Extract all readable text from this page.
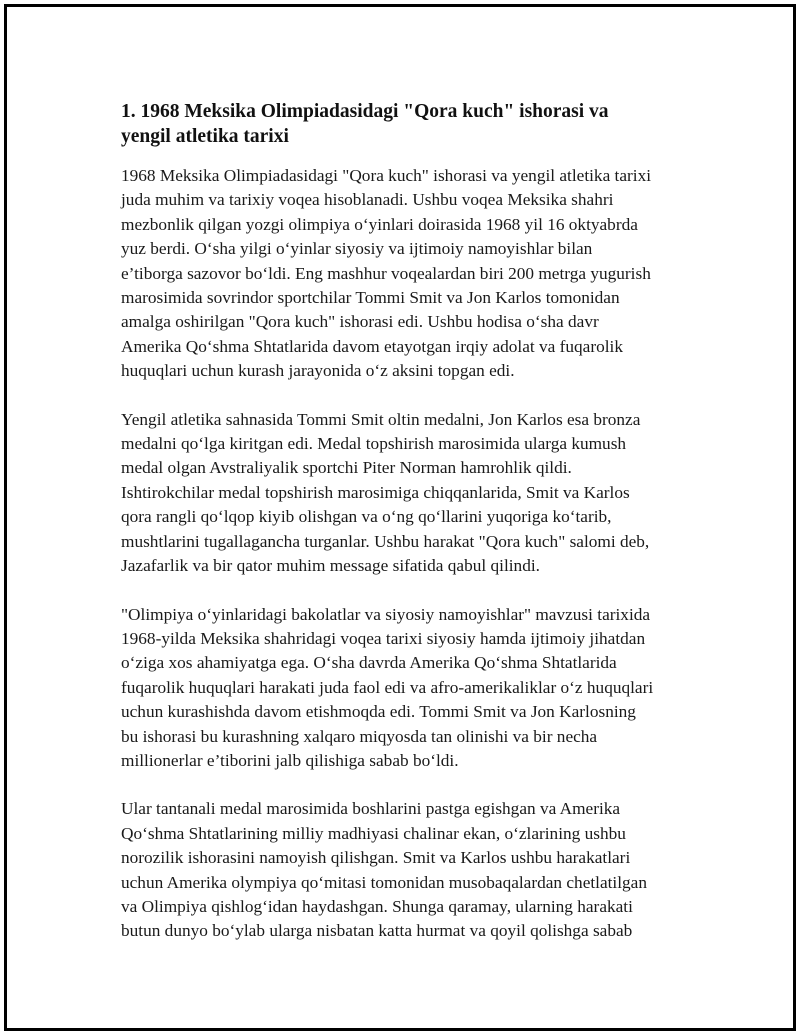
1. 1968 Meksika Olimpiadasidagi "Qora kuch" ishorasi va
yengil atletika tarixi

1968 Meksika Olimpiadasidagi "Qora kuch" ishorasi va yengil atletika tarixi
juda muhim va tarixiy voqea hisoblanadi. Ushbu voqea Meksika shahri
mezbonlik qilgan yozgi olimpiya o‘yinlari doirasida 1968 yil 16 oktyabrda
yuz berdi. O‘sha yilgi o‘yinlar siyosiy va ijtimoiy namoyishlar bilan
e’tiborga sazovor bo‘ldi. Eng mashhur voqealardan biri 200 metrga yugurish
marosimida sovrindor sportchilar Tommi Smit va Jon Karlos tomonidan
amalga oshirilgan "Qora kuch" ishorasi edi. Ushbu hodisa o‘sha davr
Amerika Qo‘shma Shtatlarida davom etayotgan irqiy adolat va fuqarolik
huquqlari uchun kurash jarayonida o‘z aksini topgan edi.

Yengil atletika sahnasida Tommi Smit oltin medalni, Jon Karlos esa bronza
medalni qo‘lga kiritgan edi. Medal topshirish marosimida ularga kumush
medal olgan Avstraliyalik sportchi Piter Norman hamrohlik qildi.
Ishtirokchilar medal topshirish marosimiga chiqqanlarida, Smit va Karlos
qora rangli qo‘lqop kiyib olishgan va o‘ng qo‘llarini yuqoriga ko‘tarib,
mushtlarini tugallagancha turganlar. Ushbu harakat "Qora kuch" salomi deb,
Jazafarlik va bir qator muhim message sifatida qabul qilindi.

"Olimpiya o‘yinlaridagi bakolatlar va siyosiy namoyishlar" mavzusi tarixida
1968-yilda Meksika shahridagi voqea tarixi siyosiy hamda ijtimoiy jihatdan
o‘ziga xos ahamiyatga ega. O‘sha davrda Amerika Qo‘shma Shtatlarida
fuqarolik huquqlari harakati juda faol edi va afro-amerikaliklar o‘z huquqlari
uchun kurashishda davom etishmoqda edi. Tommi Smit va Jon Karlosning
bu ishorasi bu kurashning xalqaro miqyosda tan olinishi va bir necha
millionerlar e’tiborini jalb qilishiga sabab bo‘ldi.

Ular tantanali medal marosimida boshlarini pastga egishgan va Amerika
Qo‘shma Shtatlarining milliy madhiyasi chalinar ekan, o‘zlarining ushbu
norozilik ishorasini namoyish qilishgan. Smit va Karlos ushbu harakatlari
uchun Amerika olympiya qo‘mitasi tomonidan musobaqalardan chetlatilgan
va Olimpiya qishlog‘idan haydashgan. Shunga qaramay, ularning harakati
butun dunyo bo‘ylab ularga nisbatan katta hurmat va qoyil qolishga sabab
